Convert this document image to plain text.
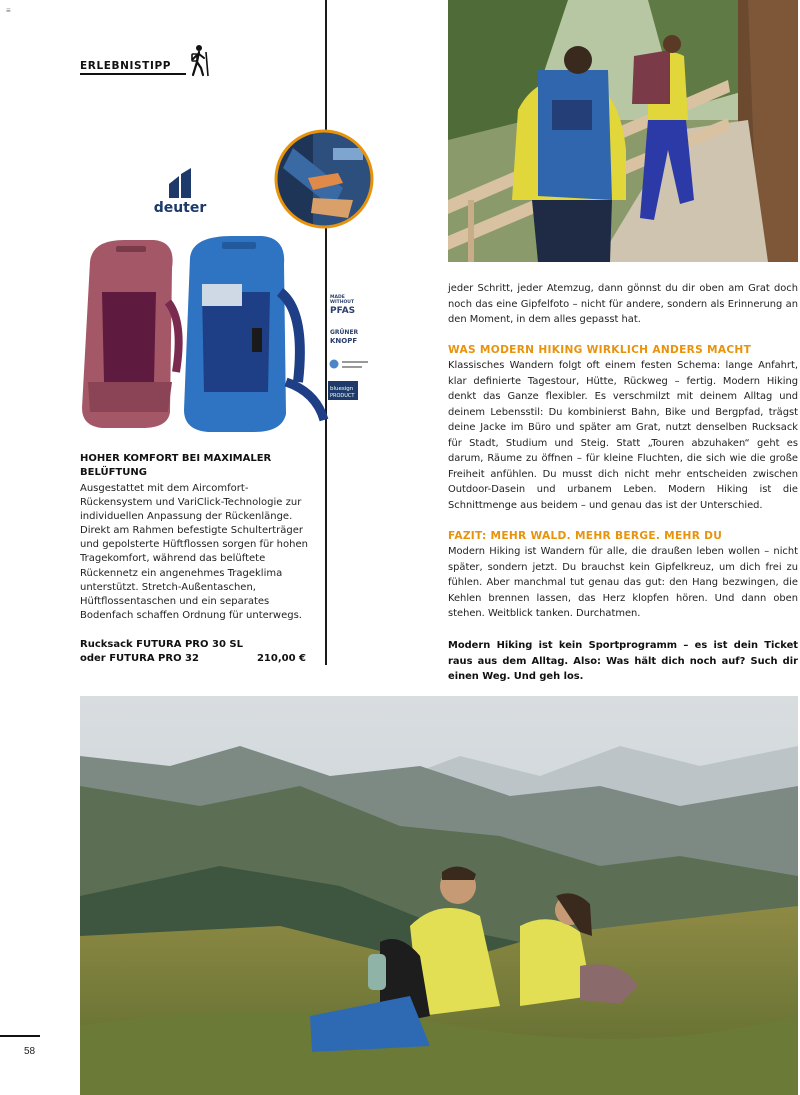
≡
ERLEBNISTIPP
deuter
MADE
WITHOUT
PFAS
GRÜNER
KNOPF
bluesign
PRODUCT
HOHER KOMFORT BEI MAXIMALER BELÜFTUNG
Ausgestattet mit dem Aircomfort-Rückensystem und VariClick-Technologie zur individuellen Anpassung der Rückenlänge. Direkt am Rahmen befestigte Schulterträger und gepolsterte Hüftflossen sorgen für hohen Tragekomfort, während das belüftete Rückennetz ein angenehmes Trageklima unterstützt. Stretch-Außentaschen, Hüftflossentaschen und ein separates Bodenfach schaffen Ordnung für unterwegs.
Rucksack FUTURA PRO 30 SL oder FUTURA PRO 32	210,00 €
jeder Schritt, jeder Atemzug, dann gönnst du dir oben am Grat doch noch das eine Gipfelfoto – nicht für andere, sondern als Erinnerung an den Moment, in dem alles gepasst hat.
WAS MODERN HIKING WIRKLICH ANDERS MACHT
Klassisches Wandern folgt oft einem festen Schema: lange Anfahrt, klar definierte Tagestour, Hütte, Rückweg – fertig. Modern Hiking denkt das Ganze flexibler. Es verschmilzt mit deinem Alltag und deinem Lebensstil: Du kombinierst Bahn, Bike und Bergpfad, trägst deine Jacke im Büro und später am Grat, nutzt denselben Rucksack für Stadt, Studium und Steig. Statt „Touren abzuhaken“ geht es darum, Räume zu öffnen – für kleine Fluchten, die sich wie die große Freiheit anfühlen. Du musst dich nicht mehr entscheiden zwischen Outdoor-Dasein und urbanem Leben. Modern Hiking ist die Schnittmenge aus beidem – und genau das ist der Unterschied.
FAZIT: MEHR WALD. MEHR BERGE. MEHR DU
Modern Hiking ist Wandern für alle, die draußen leben wollen – nicht später, sondern jetzt. Du brauchst kein Gipfelkreuz, um dich frei zu fühlen. Aber manchmal tut genau das gut: den Hang bezwingen, die Kehlen brennen lassen, das Herz klopfen hören. Und dann oben stehen. Weitblick tanken. Durchatmen.
Modern Hiking ist kein Sportprogramm – es ist dein Ticket raus aus dem Alltag. Also: Was hält dich noch auf? Such dir einen Weg. Und geh los.
58
